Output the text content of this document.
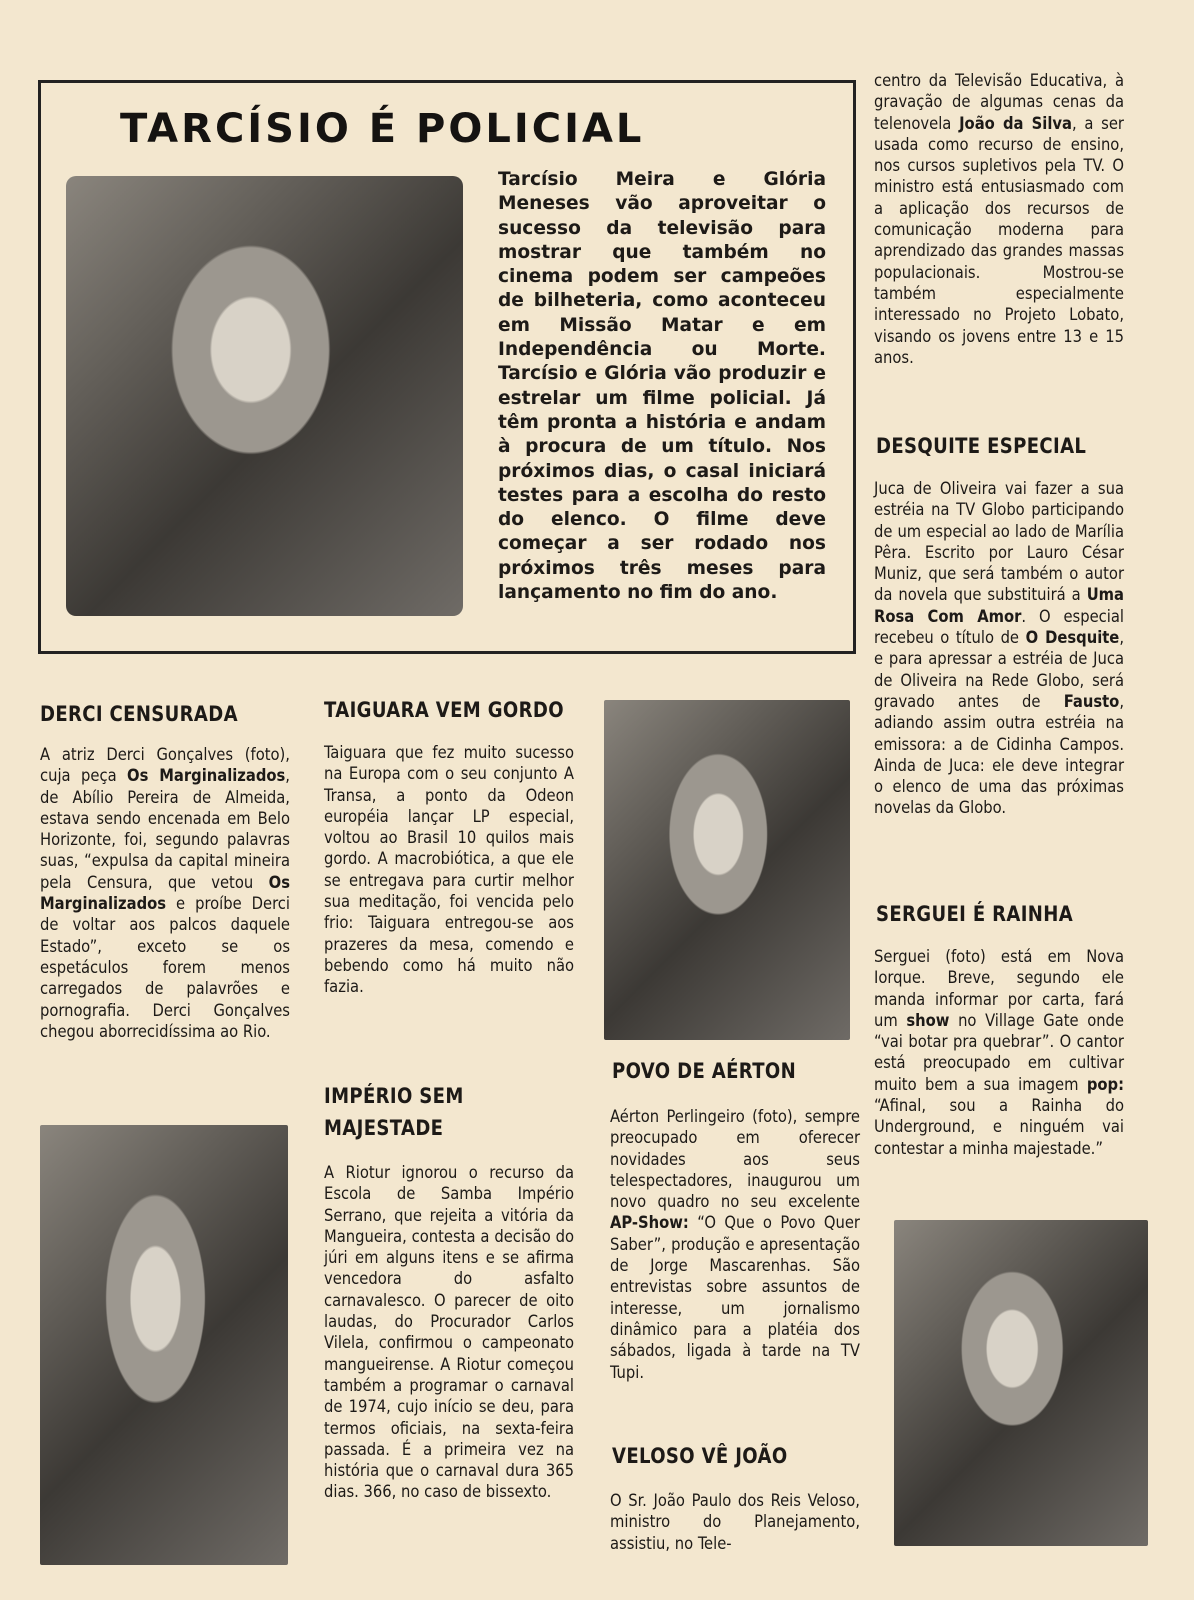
TARCÍSIO É POLICIAL
Tarcísio Meira e Glória Meneses vão aproveitar o sucesso da televisão para mostrar que também no cinema podem ser campeões de bilheteria, como aconteceu em Missão Matar e em Independência ou Morte. Tarcísio e Glória vão produzir e estrelar um filme policial. Já têm pronta a história e andam à procura de um título. Nos próximos dias, o casal iniciará testes para a escolha do resto do elenco. O filme deve começar a ser rodado nos próximos três meses para lançamento no fim do ano.
centro da Televisão Educativa, à gravação de algumas cenas da telenovela João da Silva, a ser usada como recurso de ensino, nos cursos supletivos pela TV. O ministro está entusiasmado com a aplicação dos recursos de comunicação moderna para aprendizado das grandes massas populacionais. Mostrou-se também especialmente interessado no Projeto Lobato, visando os jovens entre 13 e 15 anos.
DESQUITE ESPECIAL
Juca de Oliveira vai fazer a sua estréia na TV Globo participando de um especial ao lado de Marília Pêra. Escrito por Lauro César Muniz, que será também o autor da novela que substituirá a Uma Rosa Com Amor. O especial recebeu o título de O Desquite, e para apressar a estréia de Juca de Oliveira na Rede Globo, será gravado antes de Fausto, adiando assim outra estréia na emissora: a de Cidinha Campos. Ainda de Juca: ele deve integrar o elenco de uma das próximas novelas da Globo.
SERGUEI É RAINHA
Serguei (foto) está em Nova Iorque. Breve, segundo ele manda informar por carta, fará um show no Village Gate onde “vai botar pra quebrar”. O cantor está preocupado em cultivar muito bem a sua imagem pop: “Afinal, sou a Rainha do Underground, e ninguém vai contestar a minha majestade.”
DERCI CENSURADA
A atriz Derci Gonçalves (foto), cuja peça Os Marginalizados, de Abílio Pereira de Almeida, estava sendo encenada em Belo Horizonte, foi, segundo palavras suas, “expulsa da capital mineira pela Censura, que vetou Os Marginalizados e proíbe Derci de voltar aos palcos daquele Estado”, exceto se os espetáculos forem menos carregados de palavrões e pornografia. Derci Gonçalves chegou aborrecidíssima ao Rio.
TAIGUARA VEM GORDO
Taiguara que fez muito sucesso na Europa com o seu conjunto A Transa, a ponto da Odeon européia lançar LP especial, voltou ao Brasil 10 quilos mais gordo. A macrobiótica, a que ele se entregava para curtir melhor sua meditação, foi vencida pelo frio: Taiguara entregou-se aos prazeres da mesa, comendo e bebendo como há muito não fazia.
IMPÉRIO SEM
MAJESTADE
A Riotur ignorou o recurso da Escola de Samba Império Serrano, que rejeita a vitória da Mangueira, contesta a decisão do júri em alguns itens e se afirma vencedora do asfalto carnavalesco. O parecer de oito laudas, do Procurador Carlos Vilela, confirmou o campeonato mangueirense. A Riotur começou também a programar o carnaval de 1974, cujo início se deu, para termos oficiais, na sexta-feira passada. É a primeira vez na história que o carnaval dura 365 dias. 366, no caso de bissexto.
POVO DE AÉRTON
Aérton Perlingeiro (foto), sempre preocupado em oferecer novidades aos seus telespectadores, inaugurou um novo quadro no seu excelente AP-Show: “O Que o Povo Quer Saber”, produção e apresentação de Jorge Mascarenhas. São entrevistas sobre assuntos de interesse, um jornalismo dinâmico para a platéia dos sábados, ligada à tarde na TV Tupi.
VELOSO VÊ JOÃO
O Sr. João Paulo dos Reis Veloso, ministro do Planejamento, assistiu, no Tele-
